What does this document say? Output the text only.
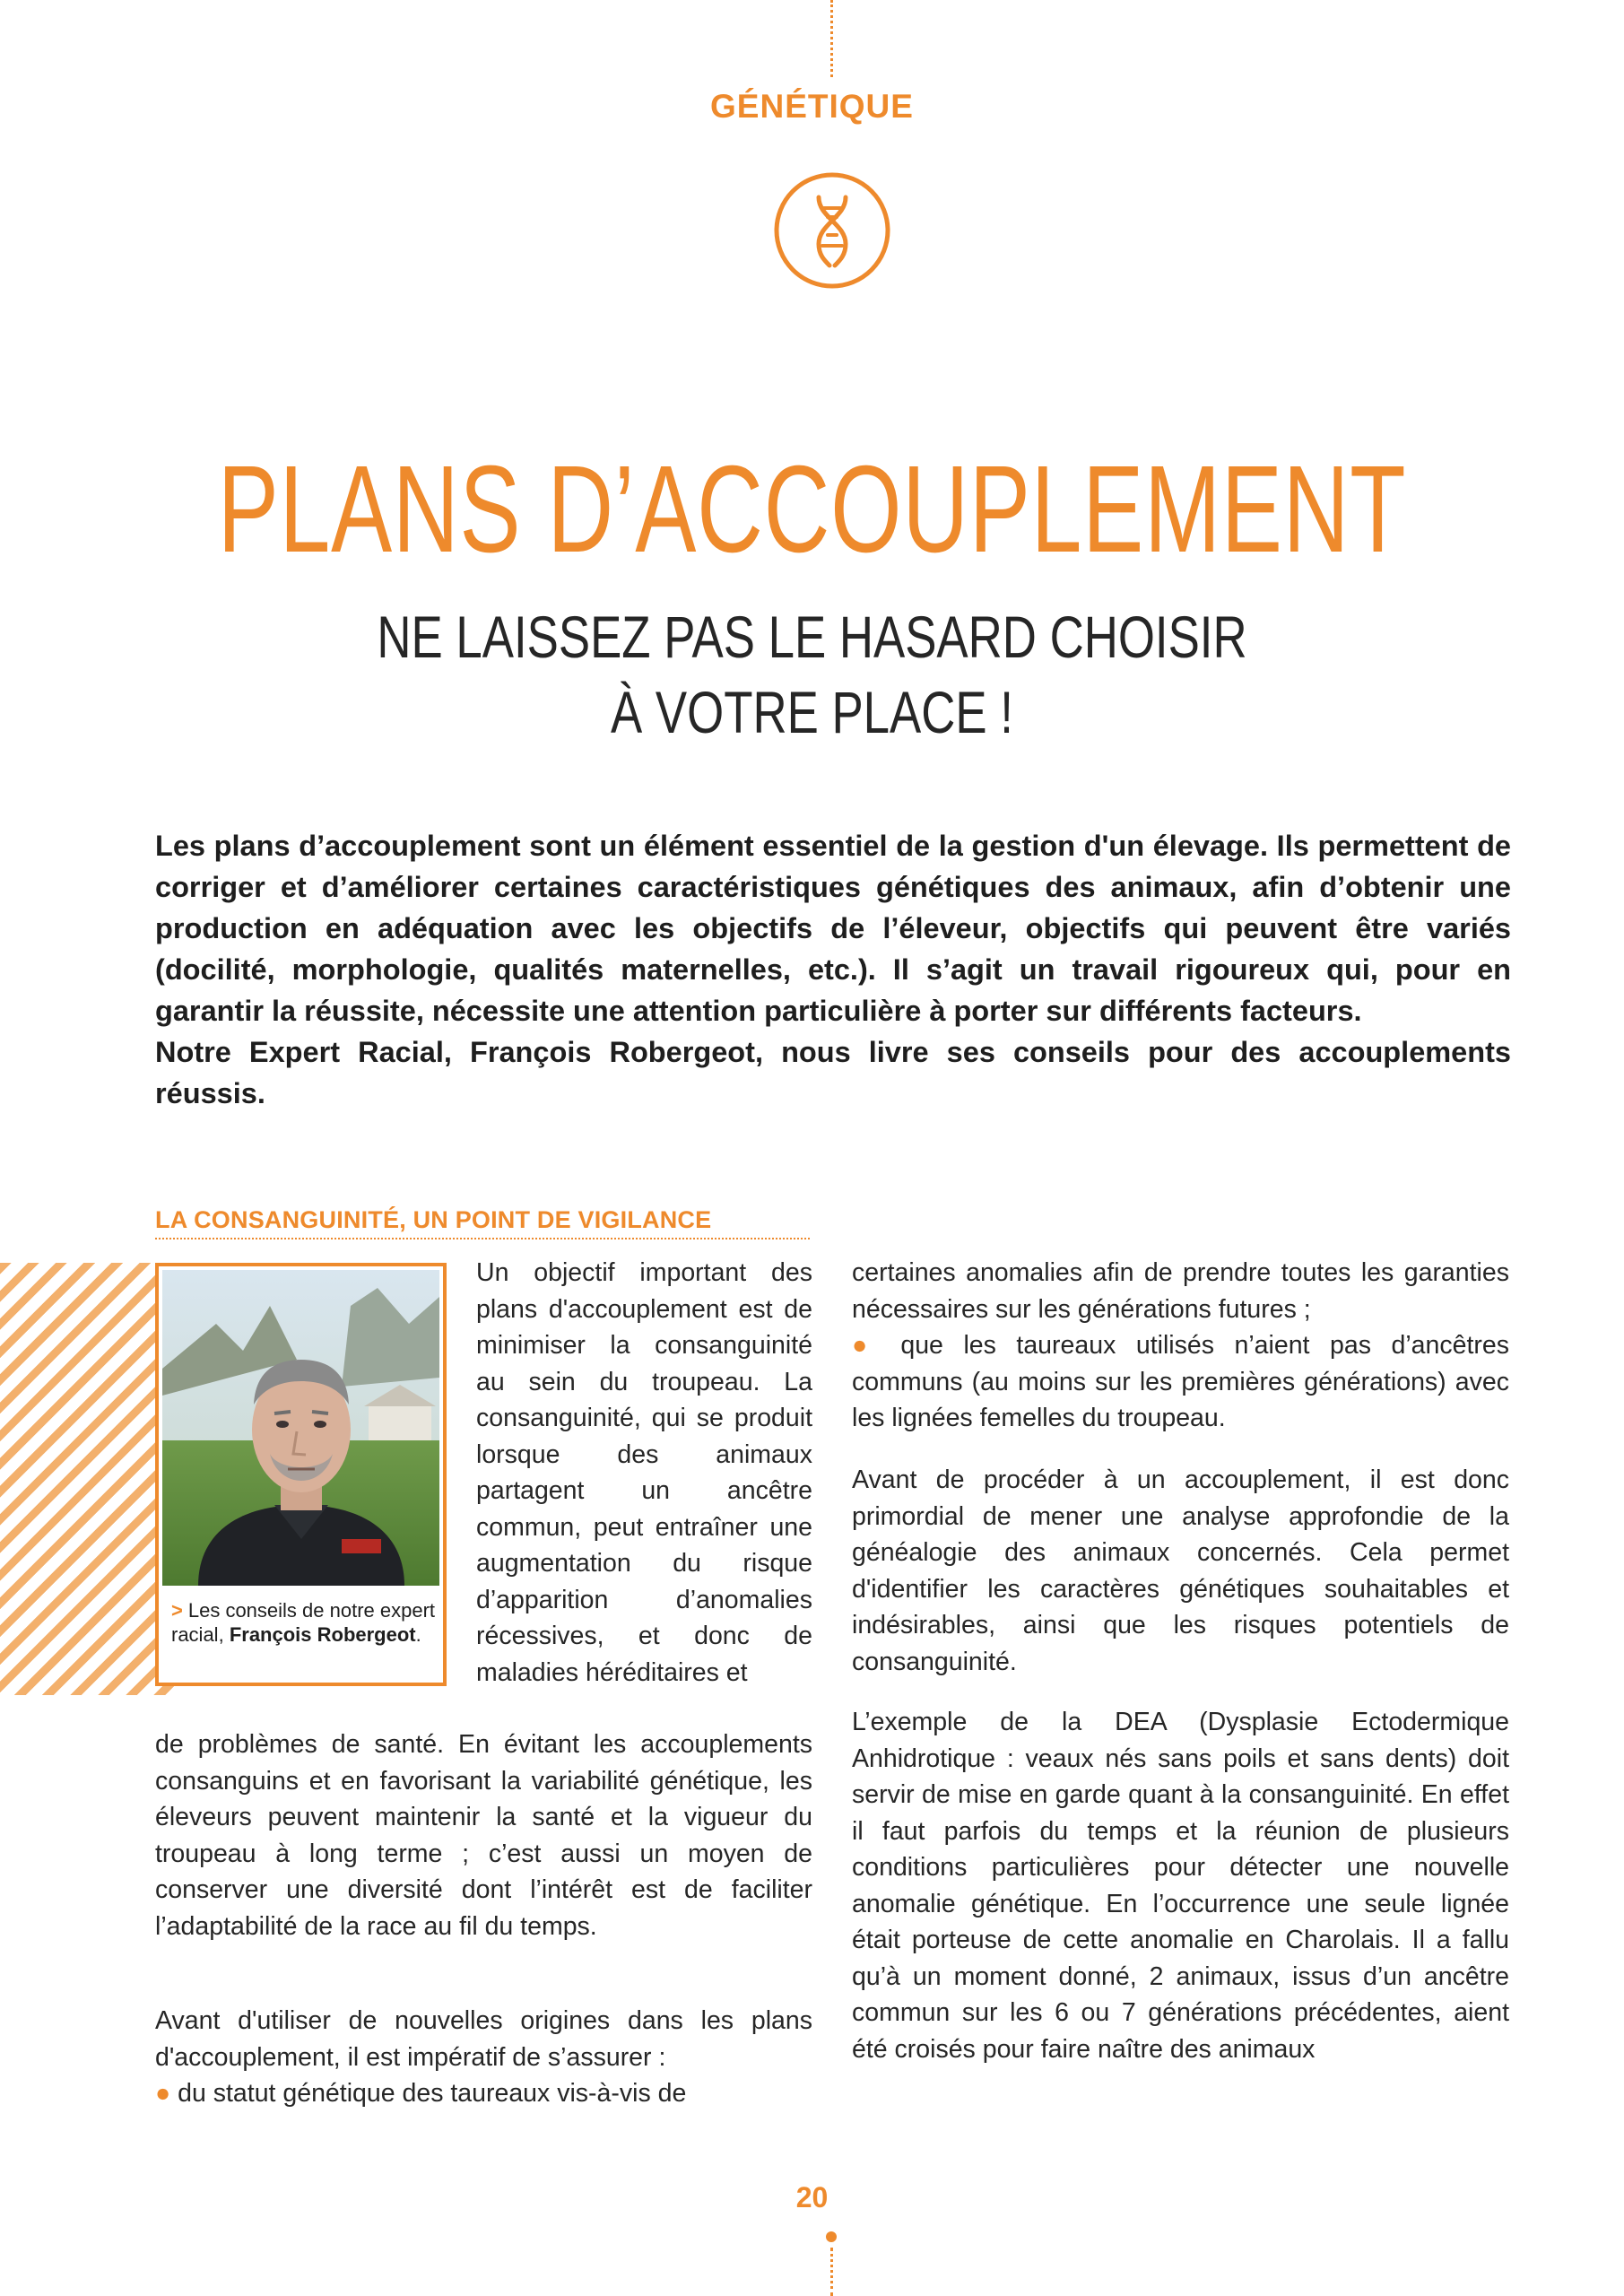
GÉNÉTIQUE
PLANS D’ACCOUPLEMENT
NE LAISSEZ PAS LE HASARD CHOISIR
À VOTRE PLACE !

Les plans d’accouplement sont un élément essentiel de la gestion d'un élevage. Ils permettent de corriger et d’améliorer certaines caractéristiques génétiques des animaux, afin d’obtenir une production en adéquation avec les objectifs de l’éleveur, objectifs qui peuvent être variés (docilité, morphologie, qualités maternelles, etc.). Il s’agit un travail rigoureux qui, pour en garantir la réussite, nécessite une attention particulière à porter sur différents facteurs.

Notre Expert Racial, François Robergeot, nous livre ses conseils pour des accouplements réussis.

LA CONSANGUINITÉ, UN POINT DE VIGILANCE
> Les conseils de notre expert racial, François Robergeot.
Un objectif important des plans d'accouplement est de minimiser la consanguinité au sein du troupeau. La consanguinité, qui se produit lorsque des animaux partagent un ancêtre commun, peut entraîner une augmentation du risque d’apparition d’anomalies récessives, et donc de maladies héréditaires et
de problèmes de santé. En évitant les accouplements consanguins et en favorisant la variabilité génétique, les éleveurs peuvent maintenir la santé et la vigueur du troupeau à long terme ; c’est aussi un moyen de conserver une diversité dont l’intérêt est de faciliter l’adaptabilité de la race au fil du temps.

Avant d'utiliser de nouvelles origines dans les plans d'accouplement, il est impératif de s’assurer :

● du statut génétique des taureaux vis-à-vis de

certaines anomalies afin de prendre toutes les garanties nécessaires sur les générations futures ;

● que les taureaux utilisés n’aient pas d’ancêtres communs (au moins sur les premières générations) avec les lignées femelles du troupeau.

Avant de procéder à un accouplement, il est donc primordial de mener une analyse approfondie de la généalogie des animaux concernés. Cela permet d'identifier les caractères génétiques souhaitables et indésirables, ainsi que les risques potentiels de consanguinité.
L’exemple de la DEA (Dysplasie Ectodermique Anhidrotique : veaux nés sans poils et sans dents) doit servir de mise en garde quant à la consanguinité. En effet il faut parfois du temps et la réunion de plusieurs conditions particulières pour détecter une nouvelle anomalie génétique. En l’occurrence une seule lignée était porteuse de cette anomalie en Charolais. Il a fallu qu’à un moment donné, 2 animaux, issus d’un ancêtre commun sur les 6 ou 7 générations précédentes, aient été croisés pour faire naître des animaux
20
